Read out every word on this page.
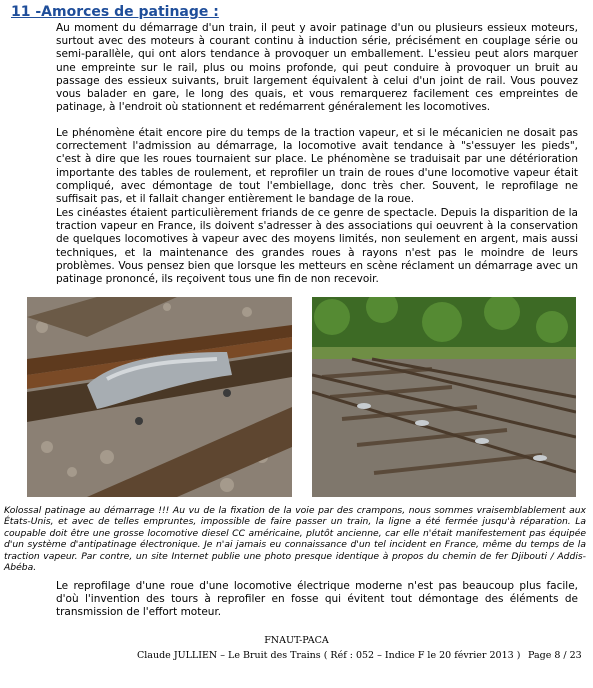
11 -Amorces de patinage :

Au moment du démarrage d'un train, il peut y avoir patinage d'un ou plusieurs essieux moteurs, surtout avec des moteurs à courant continu à induction série, précisément en couplage série ou semi-parallèle, qui ont alors tendance à provoquer un emballement. L'essieu peut alors marquer une empreinte sur le rail, plus ou moins profonde, qui peut conduire à provoquer un bruit au passage des essieux suivants, bruit largement équivalent à celui d'un joint de rail. Vous pouvez vous balader en gare, le long des quais, et vous remarquerez facilement ces empreintes de patinage, à l'endroit où stationnent et redémarrent généralement les locomotives.

Le phénomène était encore pire du temps de la traction vapeur, et si le mécanicien ne dosait pas correctement l'admission au démarrage, la locomotive avait tendance à "s'essuyer les pieds", c'est à dire que les roues tournaient sur place. Le phénomène se traduisait par une détérioration importante des tables de roulement, et reprofiler un train de roues d'une locomotive vapeur était compliqué, avec démontage de tout l'embiellage, donc très cher. Souvent, le reprofilage ne suffisait pas, et il fallait changer entièrement le bandage de la roue.

Les cinéastes étaient particulièrement friands de ce genre de spectacle. Depuis la disparition de la traction vapeur en France, ils doivent s'adresser à des associations qui oeuvrent à la conservation de quelques locomotives à vapeur avec des moyens limités, non seulement en argent, mais aussi techniques, et la maintenance des grandes roues à rayons n'est pas le moindre de leurs problèmes. Vous pensez bien que lorsque les metteurs en scène réclament un démarrage avec un patinage prononcé, ils reçoivent tous une fin de non recevoir.

Kolossal patinage au démarrage !!! Au vu de la fixation de la voie par des crampons, nous sommes vraisemblablement aux États-Unis, et avec de telles empruntes, impossible de faire passer un train, la ligne a été fermée jusqu'à réparation. La coupable doit être une grosse locomotive diesel CC américaine, plutôt ancienne, car elle n'était manifestement pas équipée d'un système d'antipatinage électronique. Je n'ai jamais eu connaissance d'un tel incident en France, même du temps de la traction vapeur. Par contre, un site Internet publie une photo presque identique à propos du chemin de fer Djibouti / Addis-Abéba.

Le reprofilage d'une roue d'une locomotive électrique moderne n'est pas beaucoup plus facile, d'où l'invention des tours à reprofiler en fosse qui évitent tout démontage des éléments de transmission de l'effort moteur.

FNAUT-PACA
Claude JULLIEN – Le Bruit des Trains ( Réf : 052 – Indice F le 20 février 2013 ) Page 8 / 23
